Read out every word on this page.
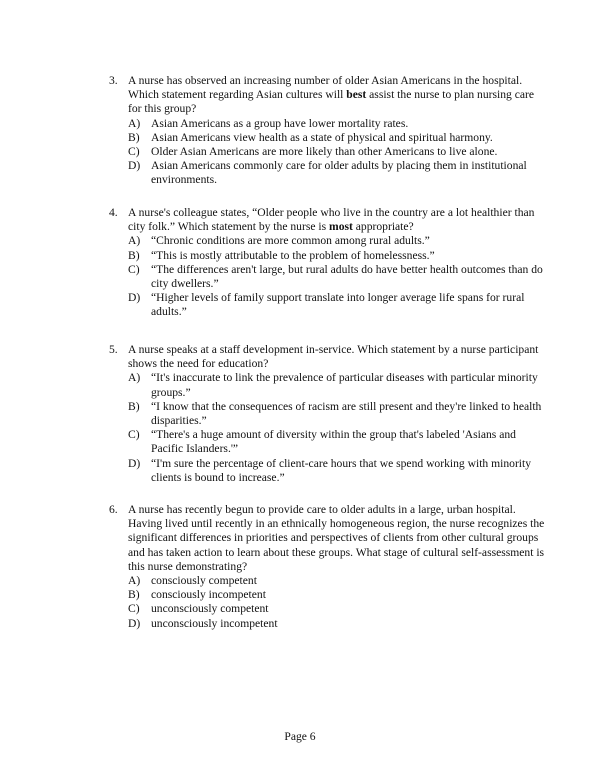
3. A nurse has observed an increasing number of older Asian Americans in the hospital. Which statement regarding Asian cultures will best assist the nurse to plan nursing care for this group?
A) Asian Americans as a group have lower mortality rates.
B) Asian Americans view health as a state of physical and spiritual harmony.
C) Older Asian Americans are more likely than other Americans to live alone.
D) Asian Americans commonly care for older adults by placing them in institutional environments.
4. A nurse's colleague states, “Older people who live in the country are a lot healthier than city folk.” Which statement by the nurse is most appropriate?
A) “Chronic conditions are more common among rural adults.”
B) “This is mostly attributable to the problem of homelessness.”
C) “The differences aren't large, but rural adults do have better health outcomes than do city dwellers.”
D) “Higher levels of family support translate into longer average life spans for rural adults.”
5. A nurse speaks at a staff development in-service. Which statement by a nurse participant shows the need for education?
A) “It's inaccurate to link the prevalence of particular diseases with particular minority groups.”
B) “I know that the consequences of racism are still present and they're linked to health disparities.”
C) “There's a huge amount of diversity within the group that's labeled 'Asians and Pacific Islanders.'”
D) “I'm sure the percentage of client-care hours that we spend working with minority clients is bound to increase.”
6. A nurse has recently begun to provide care to older adults in a large, urban hospital. Having lived until recently in an ethnically homogeneous region, the nurse recognizes the significant differences in priorities and perspectives of clients from other cultural groups and has taken action to learn about these groups. What stage of cultural self-assessment is this nurse demonstrating?
A) consciously competent
B) consciously incompetent
C) unconsciously competent
D) unconsciously incompetent
Page 6
